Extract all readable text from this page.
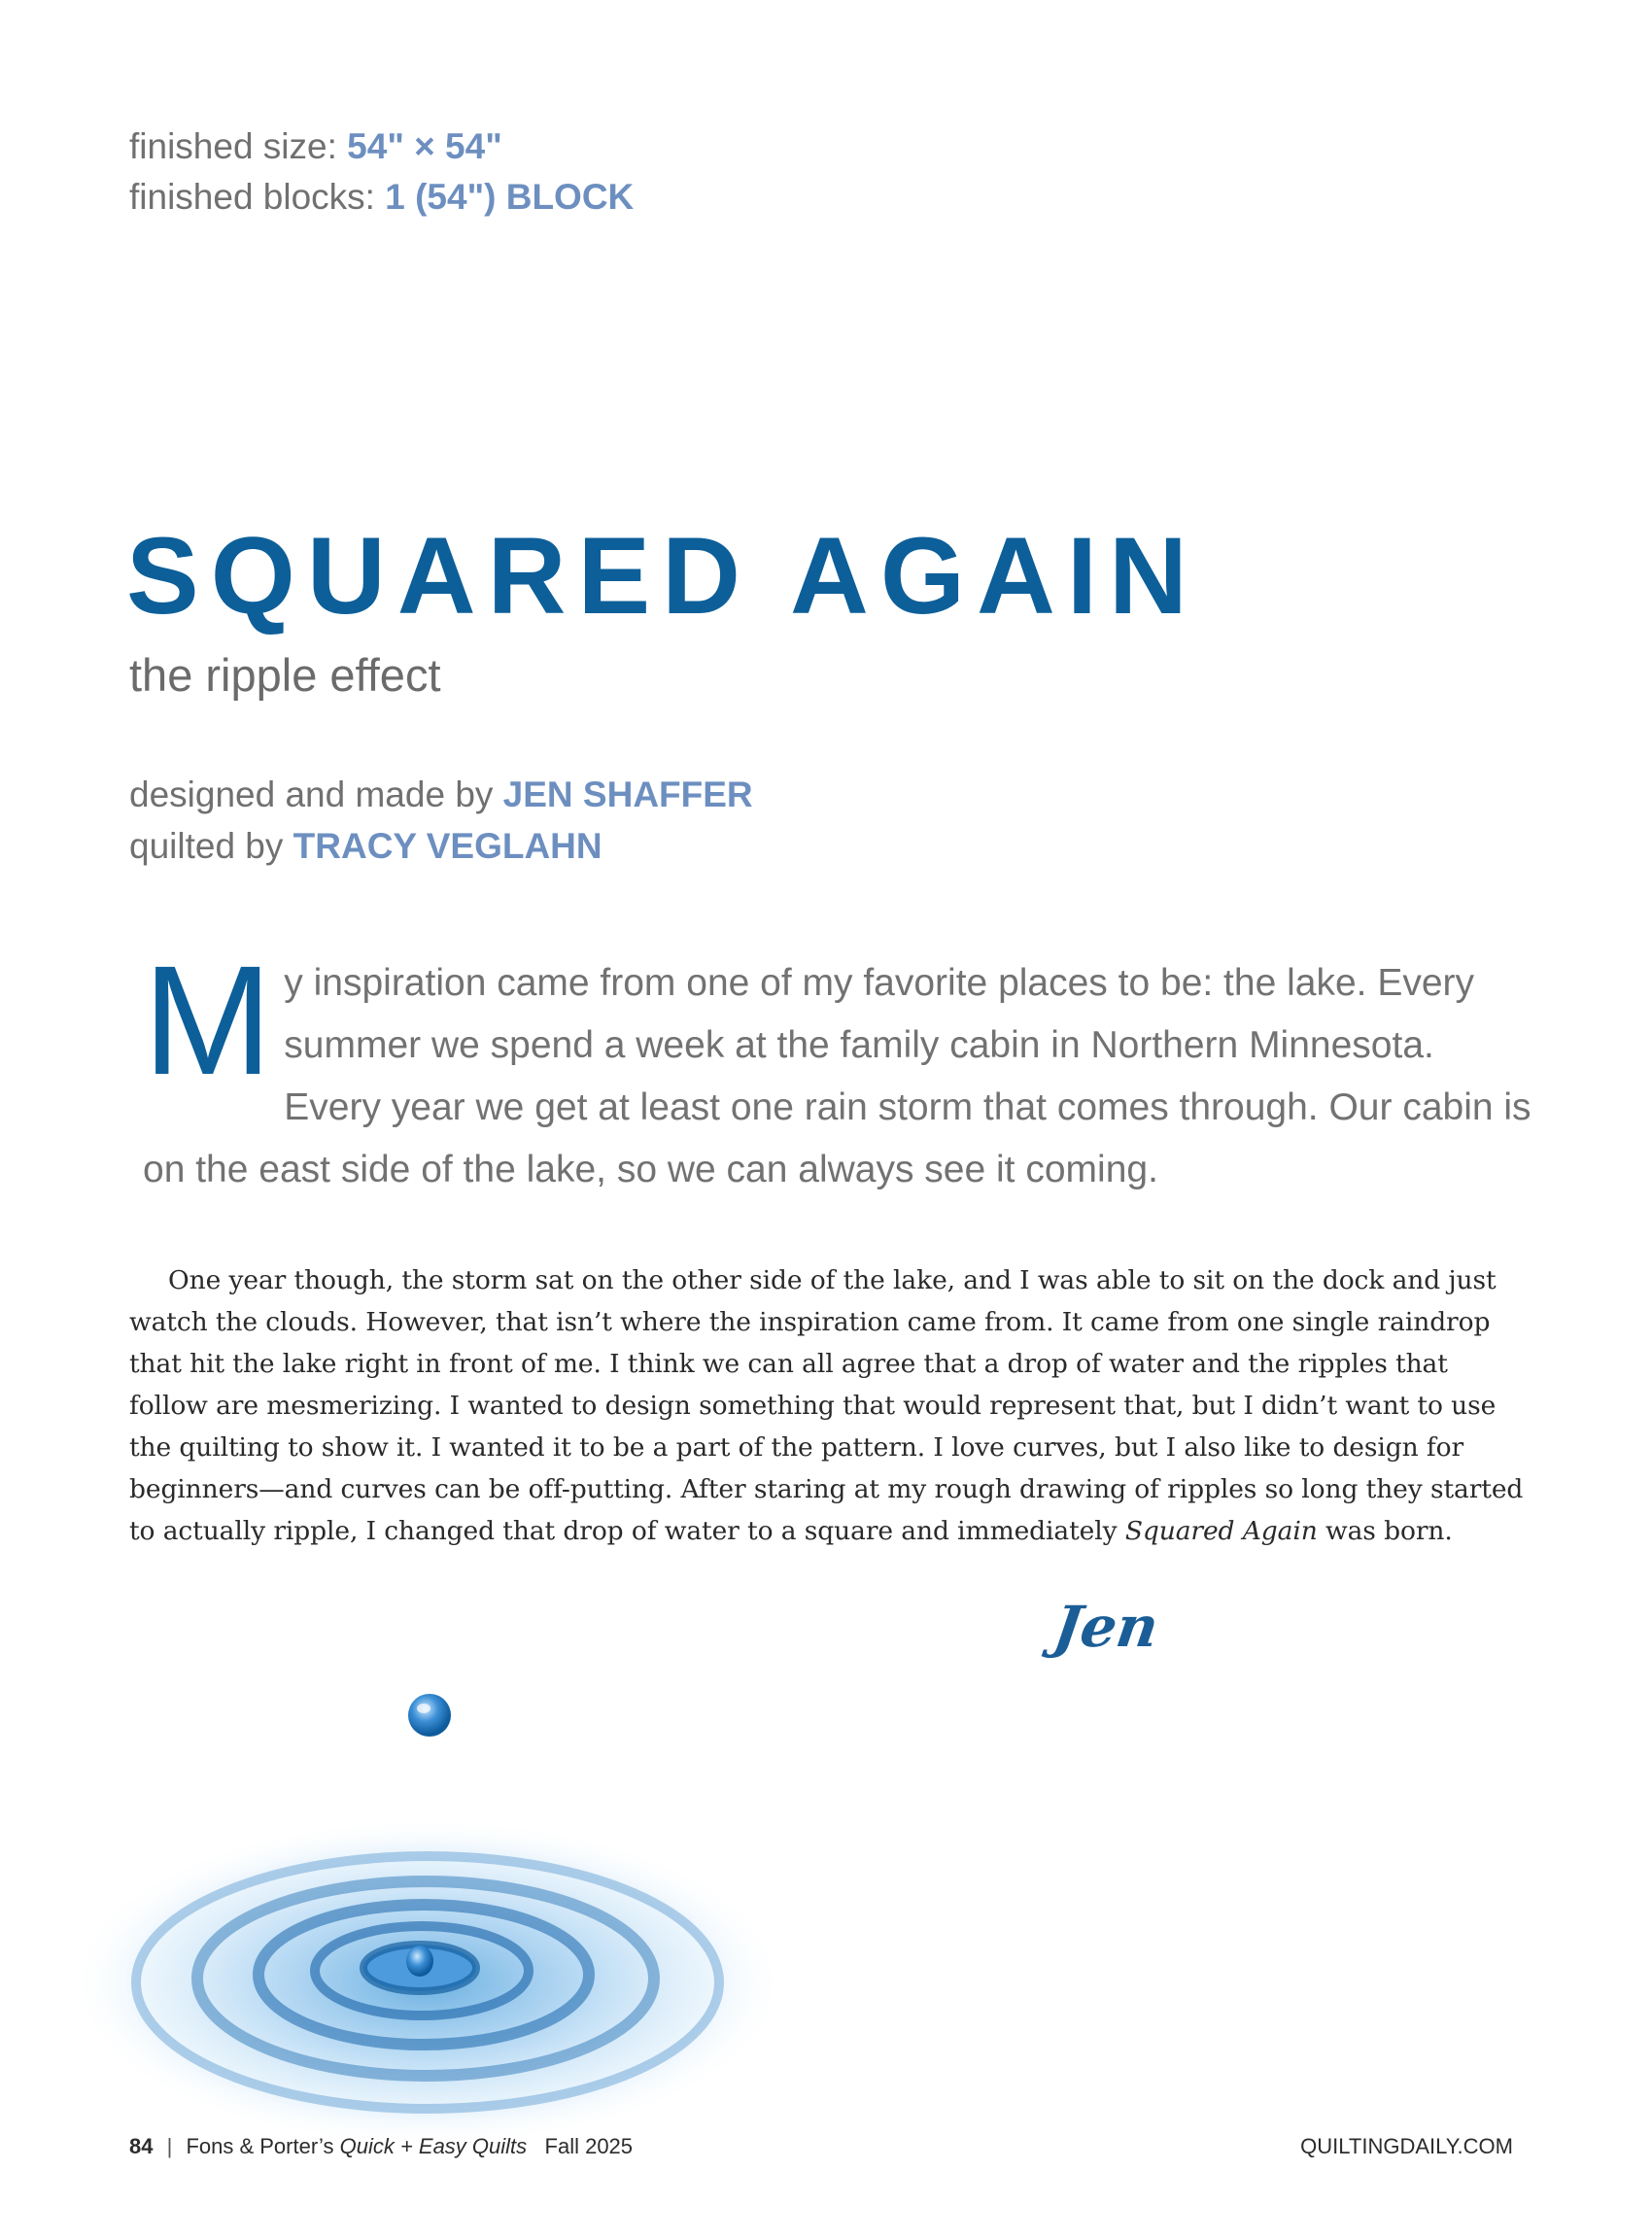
finished size: 54" × 54"
finished blocks: 1 (54") BLOCK
SQUARED AGAIN
the ripple effect
designed and made by JEN SHAFFER
quilted by TRACY VEGLAHN
M y inspiration came from one of my favorite places to be: the lake. Every summer we spend a week at the family cabin in Northern Minnesota. Every year we get at least one rain storm that comes through. Our cabin is on the east side of the lake, so we can always see it coming.

One year though, the storm sat on the other side of the lake, and I was able to sit on the dock and just watch the clouds. However, that isn’t where the inspiration came from. It came from one single raindrop that hit the lake right in front of me. I think we can all agree that a drop of water and the ripples that follow are mesmerizing. I wanted to design something that would represent that, but I didn’t want to use the quilting to show it. I wanted it to be a part of the pattern. I love curves, but I also like to design for beginners—and curves can be off-putting. After staring at my rough drawing of ripples so long they started to actually ripple, I changed that drop of water to a square and immediately Squared Again was born.

Jen
84 | Fons & Porter’s Quick + Easy Quilts Fall 2025	QUILTINGDAILY.COM
